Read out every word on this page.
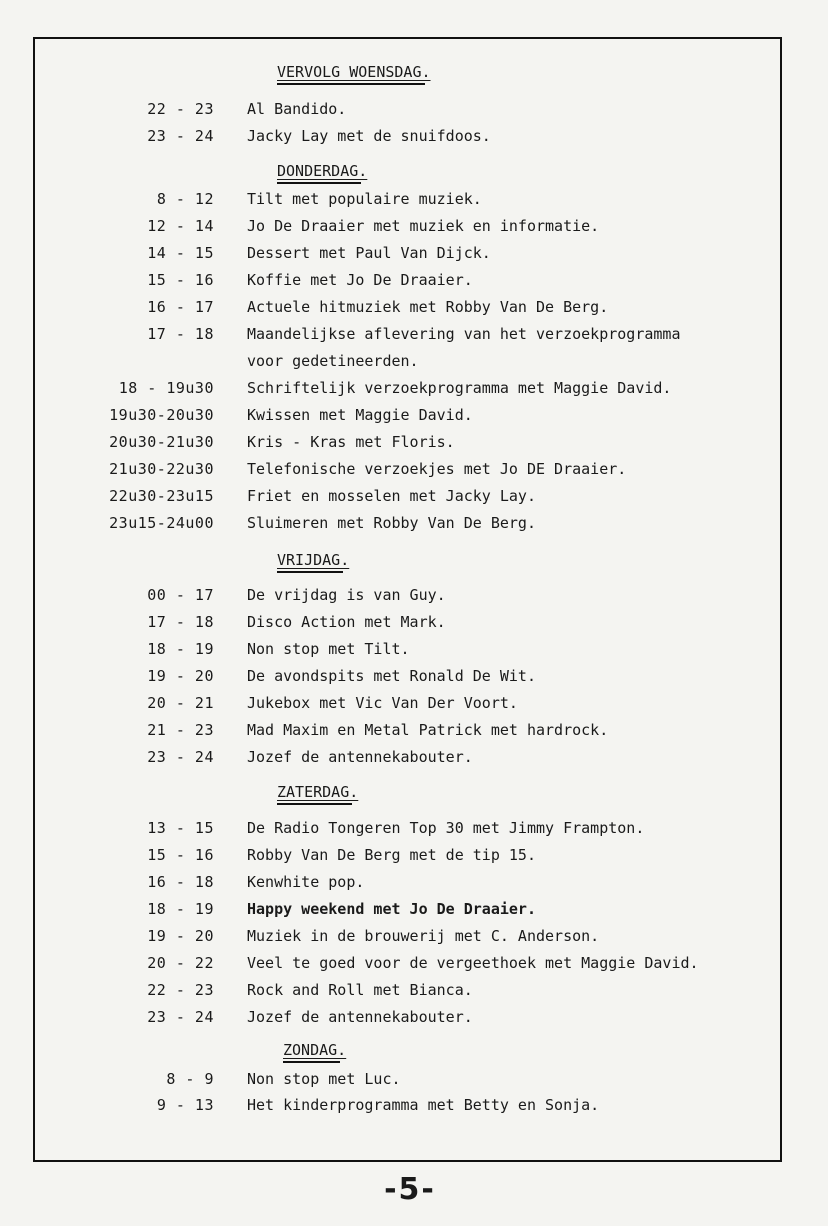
VERVOLG WOENSDAG.
22 - 23 Al Bandido.
23 - 24 Jacky Lay met de snuifdoos.
DONDERDAG.
8 - 12 Tilt met populaire muziek.
12 - 14 Jo De Draaier met muziek en informatie.
14 - 15 Dessert met Paul Van Dijck.
15 - 16 Koffie met Jo De Draaier.
16 - 17 Actuele hitmuziek met Robby Van De Berg.
17 - 18 Maandelijkse aflevering van het verzoekprogramma
voor gedetineerden.
18 - 19u30 Schriftelijk verzoekprogramma met Maggie David.
19u30-20u30 Kwissen met Maggie David.
20u30-21u30 Kris - Kras met Floris.
21u30-22u30 Telefonische verzoekjes met Jo DE Draaier.
22u30-23u15 Friet en mosselen met Jacky Lay.
23u15-24u00 Sluimeren met Robby Van De Berg.
VRIJDAG.
00 - 17 De vrijdag is van Guy.
17 - 18 Disco Action met Mark.
18 - 19 Non stop met Tilt.
19 - 20 De avondspits met Ronald De Wit.
20 - 21 Jukebox met Vic Van Der Voort.
21 - 23 Mad Maxim en Metal Patrick met hardrock.
23 - 24 Jozef de antennekabouter.
ZATERDAG.
13 - 15 De Radio Tongeren Top 30 met Jimmy Frampton.
15 - 16 Robby Van De Berg met de tip 15.
16 - 18 Kenwhite pop.
18 - 19 Happy weekend met Jo De Draaier.
19 - 20 Muziek in de brouwerij met C. Anderson.
20 - 22 Veel te goed voor de vergeethoek met Maggie David.
22 - 23 Rock and Roll met Bianca.
23 - 24 Jozef de antennekabouter.
ZONDAG.
8 - 9 Non stop met Luc.
9 - 13 Het kinderprogramma met Betty en Sonja.
-5-
